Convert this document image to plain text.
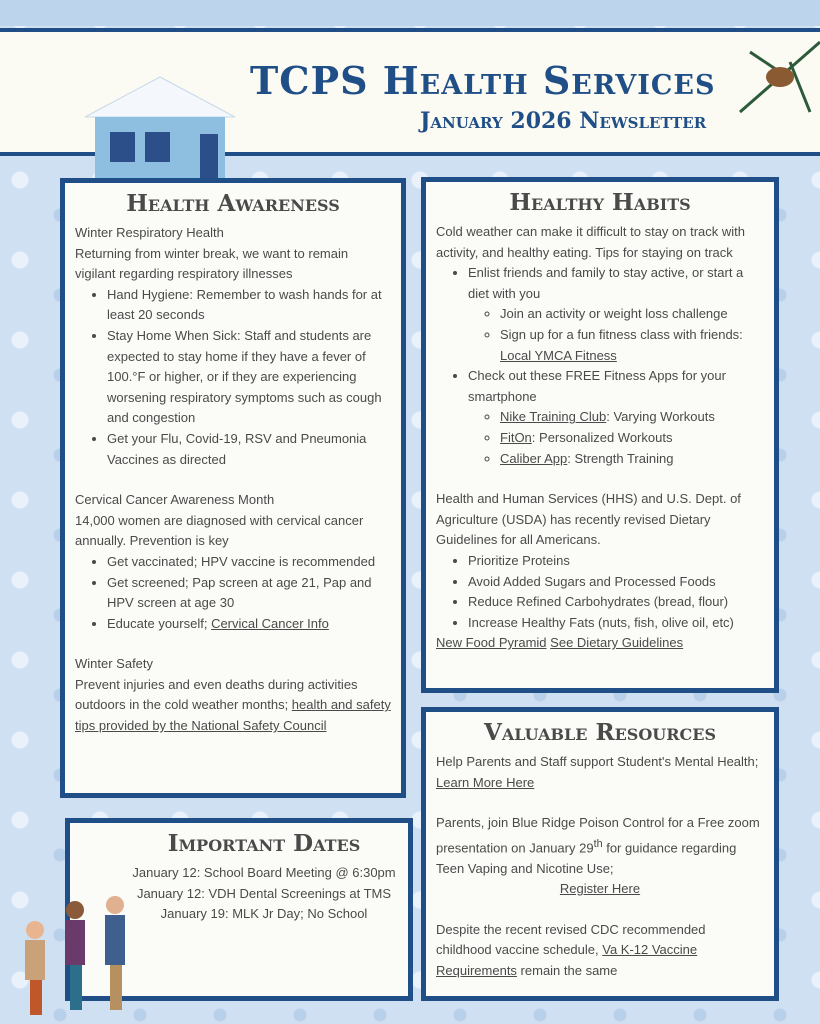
TCPS Health Services
January 2026 Newsletter
Health Awareness

Winter Respiratory Health

Returning from winter break, we want to remain vigilant regarding respiratory illnesses

• Hand Hygiene: Remember to wash hands for at least 20 seconds
• Stay Home When Sick: Staff and students are expected to stay home if they have a fever of 100.°F or higher, or if they are experiencing worsening respiratory symptoms such as cough and congestion
• Get your Flu, Covid-19, RSV and Pneumonia Vaccines as directed

Cervical Cancer Awareness Month

14,000 women are diagnosed with cervical cancer annually. Prevention is key

• Get vaccinated; HPV vaccine is recommended
• Get screened; Pap screen at age 21, Pap and HPV screen at age 30
• Educate yourself; Cervical Cancer Info

Winter Safety

Prevent injuries and even deaths during activities outdoors in the cold weather months; health and safety tips provided by the National Safety Council

Healthy Habits

Cold weather can make it difficult to stay on track with activity, and healthy eating. Tips for staying on track

• Enlist friends and family to stay active, or start a diet with you
◦ Join an activity or weight loss challenge
◦ Sign up for a fun fitness class with friends: Local YMCA Fitness
• Check out these FREE Fitness Apps for your smartphone
◦ Nike Training Club: Varying Workouts
◦ FitOn: Personalized Workouts
◦ Caliber App: Strength Training

Health and Human Services (HHS) and U.S. Dept. of Agriculture (USDA) has recently revised Dietary Guidelines for all Americans.

• Prioritize Proteins
• Avoid Added Sugars and Processed Foods
• Reduce Refined Carbohydrates (bread, flour)
• Increase Healthy Fats (nuts, fish, olive oil, etc)

New Food Pyramid See Dietary Guidelines

Valuable Resources

Help Parents and Staff support Student's Mental Health; Learn More Here

Parents, join Blue Ridge Poison Control for a Free zoom presentation on January 29th for guidance regarding Teen Vaping and Nicotine Use;

Register Here

Despite the recent revised CDC recommended childhood vaccine schedule, Va K-12 Vaccine Requirements remain the same

Important Dates

January 12: School Board Meeting @ 6:30pm

January 12: VDH Dental Screenings at TMS

January 19: MLK Jr Day; No School
